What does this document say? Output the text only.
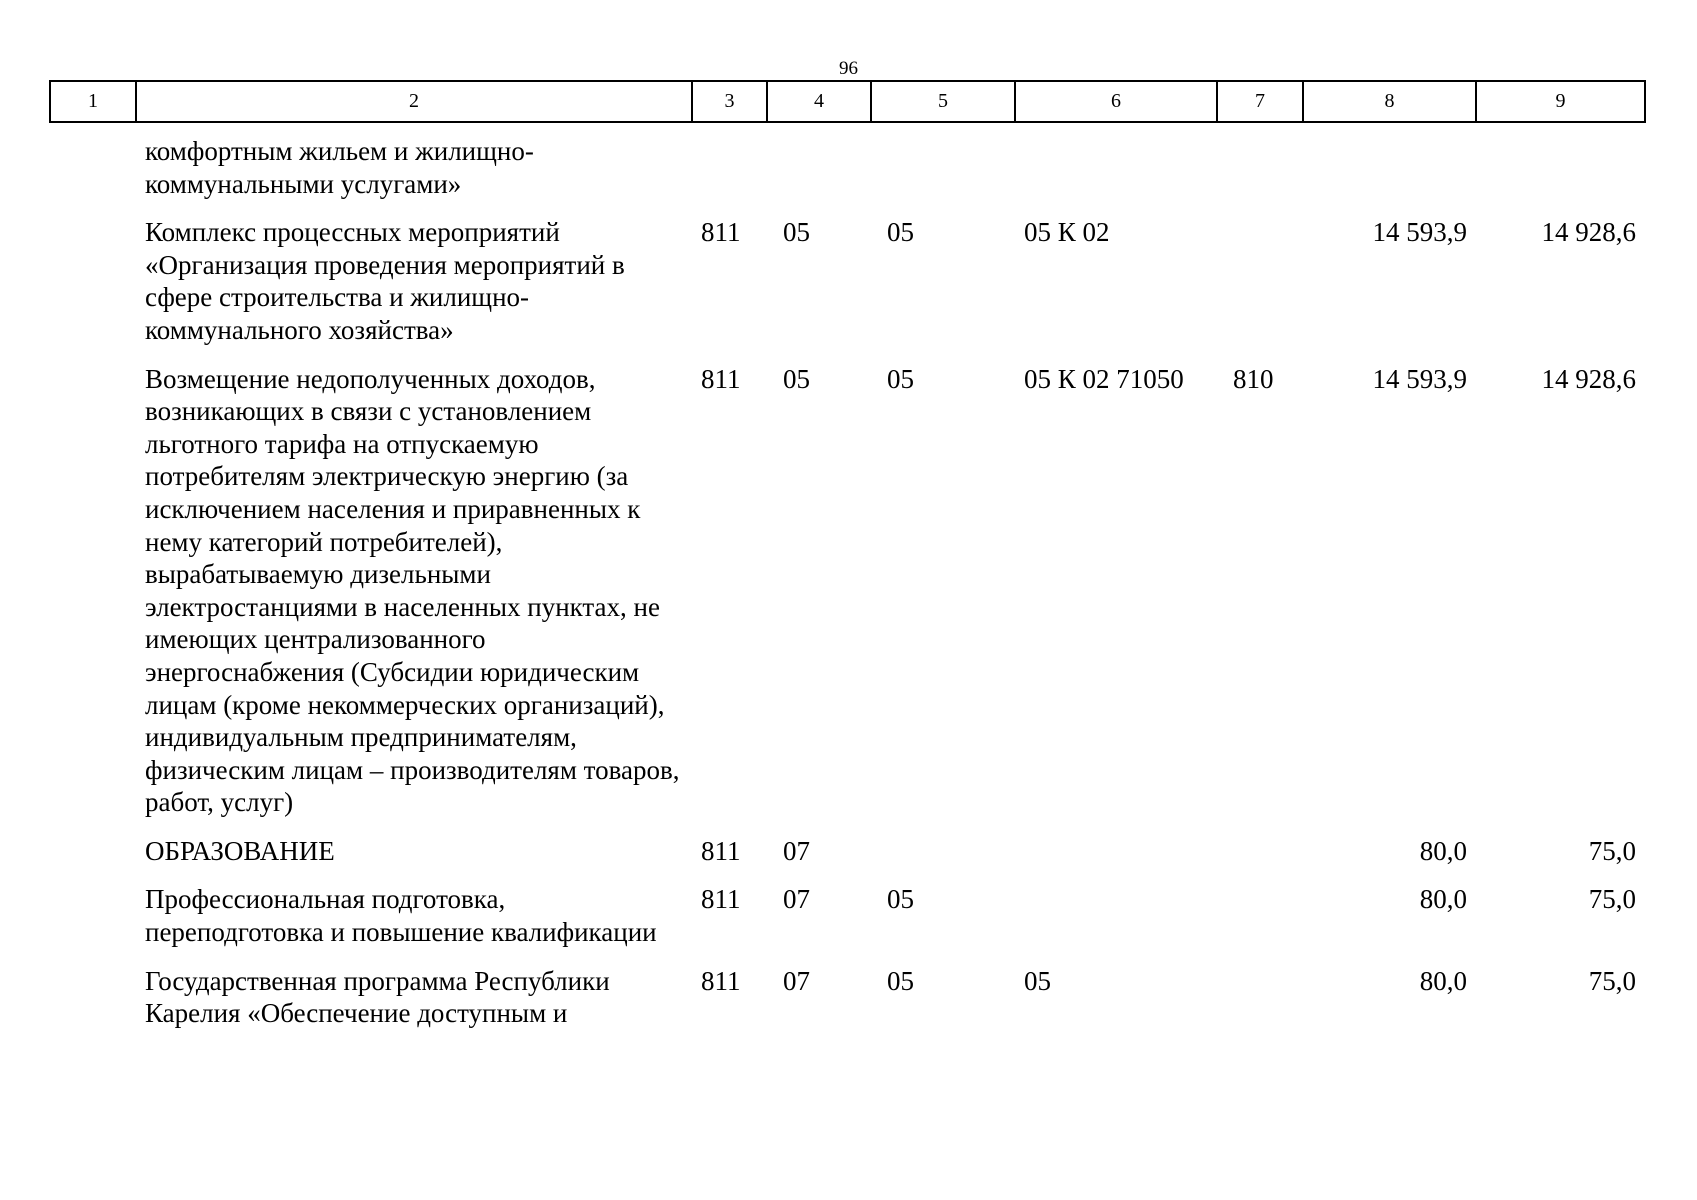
96
1	2	3	4	5	6	7	8	9
	комфортным жильем и жилищно-коммунальными услугами»							
	Комплекс процессных мероприятий «Организация проведения мероприятий в сфере строительства и жилищно-коммунального хозяйства»	811	05	05	05 К 02		14 593,9	14 928,6
	Возмещение недополученных доходов, возникающих в связи с установлением льготного тарифа на отпускаемую потребителям электрическую энергию (за исключением населения и приравненных к нему категорий потребителей), вырабатываемую дизельными электростанциями в населенных пунктах, не имеющих централизованного энергоснабжения (Субсидии юридическим лицам (кроме некоммерческих организаций), индивидуальным предпринимателям, физическим лицам – производителям товаров, работ, услуг)	811	05	05	05 К 02 71050	810	14 593,9	14 928,6
	ОБРАЗОВАНИЕ	811	07				80,0	75,0
	Профессиональная подготовка, переподготовка и повышение квалификации	811	07	05			80,0	75,0
	Государственная программа Республики Карелия «Обеспечение доступным и	811	07	05	05		80,0	75,0
